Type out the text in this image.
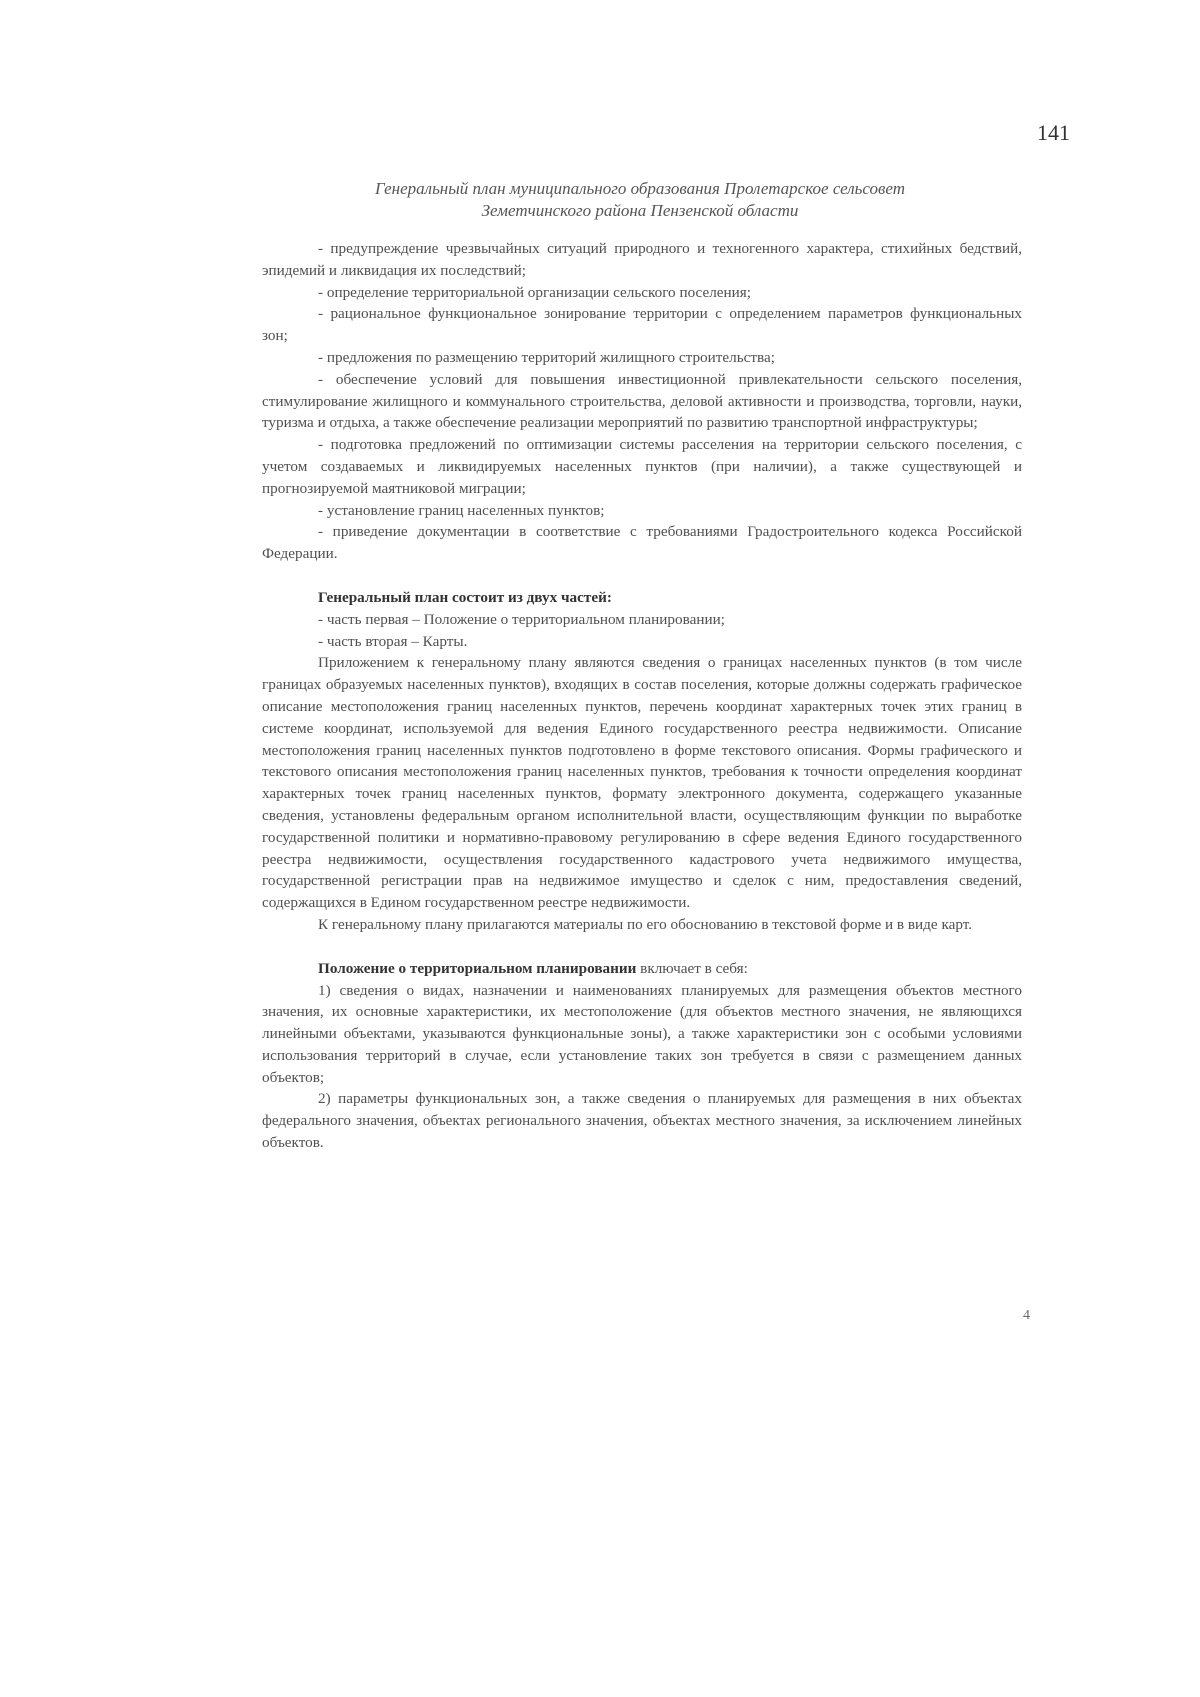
141
Генеральный план муниципального образования Пролетарское сельсовет
Земетчинского района Пензенской области

- предупреждение чрезвычайных ситуаций природного и техногенного характера, стихийных бедствий, эпидемий и ликвидация их последствий;

- определение территориальной организации сельского поселения;

- рациональное функциональное зонирование территории с определением параметров функциональных зон;

- предложения по размещению территорий жилищного строительства;

- обеспечение условий для повышения инвестиционной привлекательности сельского поселения, стимулирование жилищного и коммунального строительства, деловой активности и производства, торговли, науки, туризма и отдыха, а также обеспечение реализации мероприятий по развитию транспортной инфраструктуры;

- подготовка предложений по оптимизации системы расселения на территории сельского поселения, с учетом создаваемых и ликвидируемых населенных пунктов (при наличии), а также существующей и прогнозируемой маятниковой миграции;

- установление границ населенных пунктов;

- приведение документации в соответствие с требованиями Градостроительного кодекса Российской Федерации.

Генеральный план состоит из двух частей:

- часть первая – Положение о территориальном планировании;

- часть вторая – Карты.

Приложением к генеральному плану являются сведения о границах населенных пунктов (в том числе границах образуемых населенных пунктов), входящих в состав поселения, которые должны содержать графическое описание местоположения границ населенных пунктов, перечень координат характерных точек этих границ в системе координат, используемой для ведения Единого государственного реестра недвижимости. Описание местоположения границ населенных пунктов подготовлено в форме текстового описания. Формы графического и текстового описания местоположения границ населенных пунктов, требования к точности определения координат характерных точек границ населенных пунктов, формату электронного документа, содержащего указанные сведения, установлены федеральным органом исполнительной власти, осуществляющим функции по выработке государственной политики и нормативно-правовому регулированию в сфере ведения Единого государственного реестра недвижимости, осуществления государственного кадастрового учета недвижимого имущества, государственной регистрации прав на недвижимое имущество и сделок с ним, предоставления сведений, содержащихся в Едином государственном реестре недвижимости.

К генеральному плану прилагаются материалы по его обоснованию в текстовой форме и в виде карт.

Положение о территориальном планировании включает в себя:

1) сведения о видах, назначении и наименованиях планируемых для размещения объектов местного значения, их основные характеристики, их местоположение (для объектов местного значения, не являющихся линейными объектами, указываются функциональные зоны), а также характеристики зон с особыми условиями использования территорий в случае, если установление таких зон требуется в связи с размещением данных объектов;

2) параметры функциональных зон, а также сведения о планируемых для размещения в них объектах федерального значения, объектах регионального значения, объектах местного значения, за исключением линейных объектов.

4
